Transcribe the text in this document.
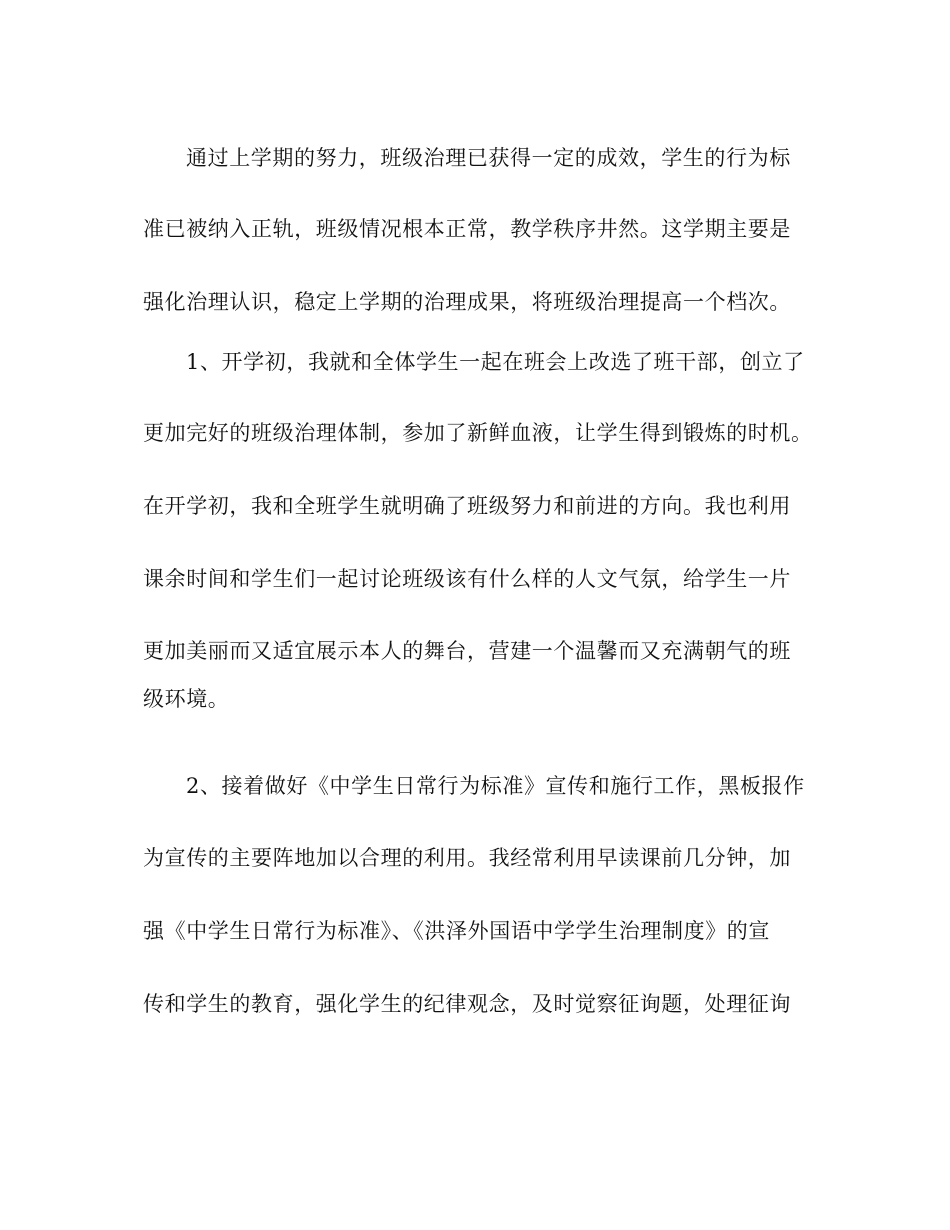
通过上学期的努力，班级治理已获得一定的成效，学生的行为标
准已被纳入正轨，班级情况根本正常，教学秩序井然。这学期主要是
强化治理认识，稳定上学期的治理成果，将班级治理提高一个档次。
1、开学初，我就和全体学生一起在班会上改选了班干部，创立了
更加完好的班级治理体制，参加了新鲜血液，让学生得到锻炼的时机。
在开学初，我和全班学生就明确了班级努力和前进的方向。我也利用
课余时间和学生们一起讨论班级该有什么样的人文气氛，给学生一片
更加美丽而又适宜展示本人的舞台，营建一个温馨而又充满朝气的班
级环境。
2、接着做好《中学生日常行为标准》宣传和施行工作，黑板报作
为宣传的主要阵地加以合理的利用。我经常利用早读课前几分钟，加
强《中学生日常行为标准》、《洪泽外国语中学学生治理制度》的宣
传和学生的教育，强化学生的纪律观念，及时觉察征询题，处理征询
